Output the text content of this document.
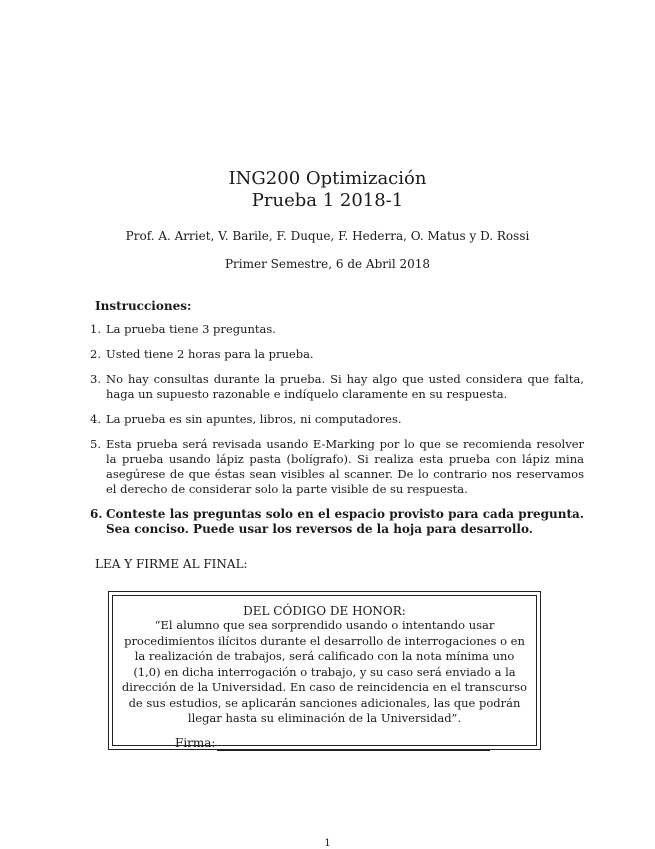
ING200 Optimización
Prueba 1 2018-1
Prof. A. Arriet, V. Barile, F. Duque, F. Hederra, O. Matus y D. Rossi
Primer Semestre, 6 de Abril 2018
Instrucciones:
1. La prueba tiene 3 preguntas.
2. Usted tiene 2 horas para la prueba.
3. No hay consultas durante la prueba. Si hay algo que usted considera que falta, haga un supuesto razonable e indíquelo claramente en su respuesta.
4. La prueba es sin apuntes, libros, ni computadores.
5. Esta prueba será revisada usando E-Marking por lo que se recomienda resolver la prueba usando lápiz pasta (bolígrafo). Si realiza esta prueba con lápiz mina asegúrese de que éstas sean visibles al scanner. De lo contrario nos reservamos el derecho de considerar solo la parte visible de su respuesta.
6. Conteste las preguntas solo en el espacio provisto para cada pregunta. Sea conciso. Puede usar los reversos de la hoja para desarrollo.
LEA Y FIRME AL FINAL:
DEL CÓDIGO DE HONOR:
“El alumno que sea sorprendido usando o intentando usar procedimientos ilícitos durante el desarrollo de interrogaciones o en la realización de trabajos, será calificado con la nota mínima uno (1,0) en dicha interrogación o trabajo, y su caso será enviado a la dirección de la Universidad. En caso de reincidencia en el transcurso de sus estudios, se aplicarán sanciones adicionales, las que podrán llegar hasta su eliminación de la Universidad”.
Firma:
1
